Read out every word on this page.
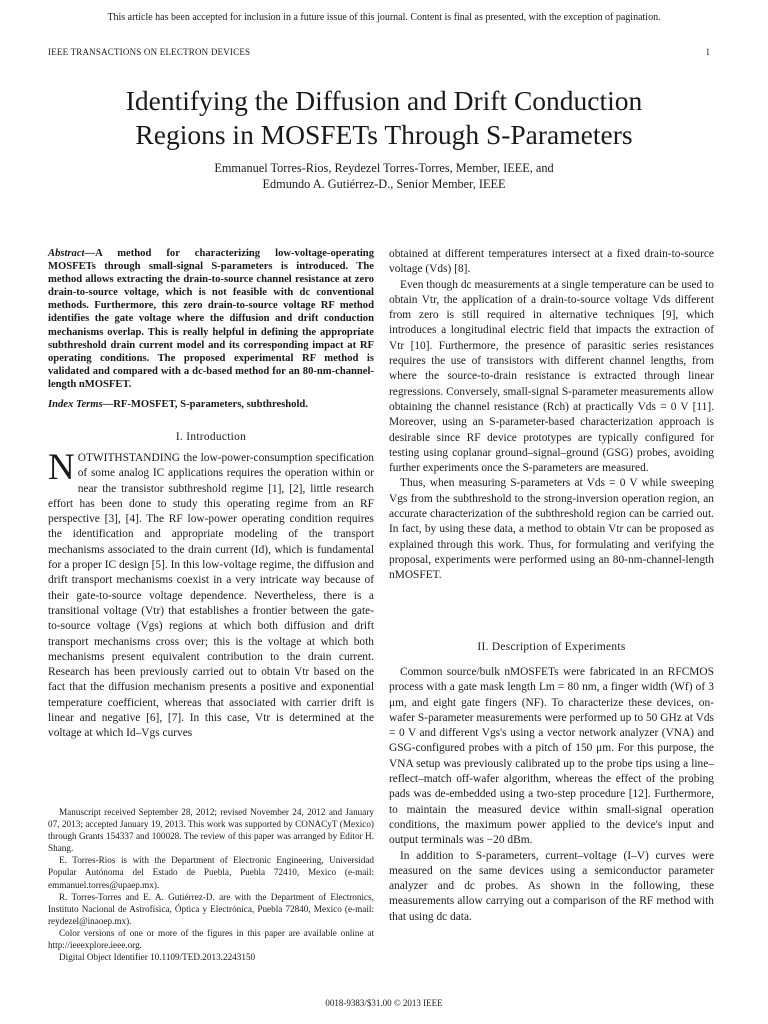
This article has been accepted for inclusion in a future issue of this journal. Content is final as presented, with the exception of pagination.
IEEE TRANSACTIONS ON ELECTRON DEVICES	1
Identifying the Diffusion and Drift Conduction
Regions in MOSFETs Through S-Parameters
Emmanuel Torres-Rios, Reydezel Torres-Torres, Member, IEEE, and
Edmundo A. Gutiérrez-D., Senior Member, IEEE
Abstract—A method for characterizing low-voltage-operating MOSFETs through small-signal S-parameters is introduced. The method allows extracting the drain-to-source channel resistance at zero drain-to-source voltage, which is not feasible with dc conventional methods. Furthermore, this zero drain-to-source voltage RF method identifies the gate voltage where the diffusion and drift conduction mechanisms overlap. This is really helpful in defining the appropriate subthreshold drain current model and its corresponding impact at RF operating conditions. The proposed experimental RF method is validated and compared with a dc-based method for an 80-nm-channel-length nMOSFET.
Index Terms—RF-MOSFET, S-parameters, subthreshold.
I. Introduction

NOTWITHSTANDING the low-power-consumption specification of some analog IC applications requires the operation within or near the transistor subthreshold regime [1], [2], little research effort has been done to study this operating regime from an RF perspective [3], [4]. The RF low-power operating condition requires the identification and appropriate modeling of the transport mechanisms associated to the drain current (Id), which is fundamental for a proper IC design [5]. In this low-voltage regime, the diffusion and drift transport mechanisms coexist in a very intricate way because of their gate-to-source voltage dependence. Nevertheless, there is a transitional voltage (Vtr) that establishes a frontier between the gate-to-source voltage (Vgs) regions at which both diffusion and drift transport mechanisms cross over; this is the voltage at which both mechanisms present equivalent contribution to the drain current. Research has been previously carried out to obtain Vtr based on the fact that the diffusion mechanism presents a positive and exponential temperature coefficient, whereas that associated with carrier drift is linear and negative [6], [7]. In this case, Vtr is determined at the voltage at which Id–Vgs curves

Manuscript received September 28, 2012; revised November 24, 2012 and January 07, 2013; accepted January 19, 2013. This work was supported by CONACyT (Mexico) through Grants 154337 and 100028. The review of this paper was arranged by Editor H. Shang.

E. Torres-Rios is with the Department of Electronic Engineering, Universidad Popular Autónoma del Estado de Puebla, Puebla 72410, Mexico (e-mail: emmanuel.torres@upaep.mx).

R. Torres-Torres and E. A. Gutiérrez-D. are with the Department of Electronics, Instituto Nacional de Astrofísica, Óptica y Electrónica, Puebla 72840, Mexico (e-mail: reydezel@inaoep.mx).

Color versions of one or more of the figures in this paper are available online at http://ieeexplore.ieee.org.

Digital Object Identifier 10.1109/TED.2013.2243150

obtained at different temperatures intersect at a fixed drain-to-source voltage (Vds) [8].

Even though dc measurements at a single temperature can be used to obtain Vtr, the application of a drain-to-source voltage Vds different from zero is still required in alternative techniques [9], which introduces a longitudinal electric field that impacts the extraction of Vtr [10]. Furthermore, the presence of parasitic series resistances requires the use of transistors with different channel lengths, from where the source-to-drain resistance is extracted through linear regressions. Conversely, small-signal S-parameter measurements allow obtaining the channel resistance (Rch) at practically Vds = 0 V [11]. Moreover, using an S-parameter-based characterization approach is desirable since RF device prototypes are typically configured for testing using coplanar ground–signal–ground (GSG) probes, avoiding further experiments once the S-parameters are measured.

Thus, when measuring S-parameters at Vds = 0 V while sweeping Vgs from the subthreshold to the strong-inversion operation region, an accurate characterization of the subthreshold region can be carried out. In fact, by using these data, a method to obtain Vtr can be proposed as explained through this work. Thus, for formulating and verifying the proposal, experiments were performed using an 80-nm-channel-length nMOSFET.

II. Description of Experiments

Common source/bulk nMOSFETs were fabricated in an RFCMOS process with a gate mask length Lm = 80 nm, a finger width (Wf) of 3 μm, and eight gate fingers (NF). To characterize these devices, on-wafer S-parameter measurements were performed up to 50 GHz at Vds = 0 V and different Vgs's using a vector network analyzer (VNA) and GSG-configured probes with a pitch of 150 μm. For this purpose, the VNA setup was previously calibrated up to the probe tips using a line–reflect–match off-wafer algorithm, whereas the effect of the probing pads was de-embedded using a two-step procedure [12]. Furthermore, to maintain the measured device within small-signal operation conditions, the maximum power applied to the device's input and output terminals was −20 dBm.

In addition to S-parameters, current–voltage (I–V) curves were measured on the same devices using a semiconductor parameter analyzer and dc probes. As shown in the following, these measurements allow carrying out a comparison of the RF method with that using dc data.

0018-9383/$31.00 © 2013 IEEE
